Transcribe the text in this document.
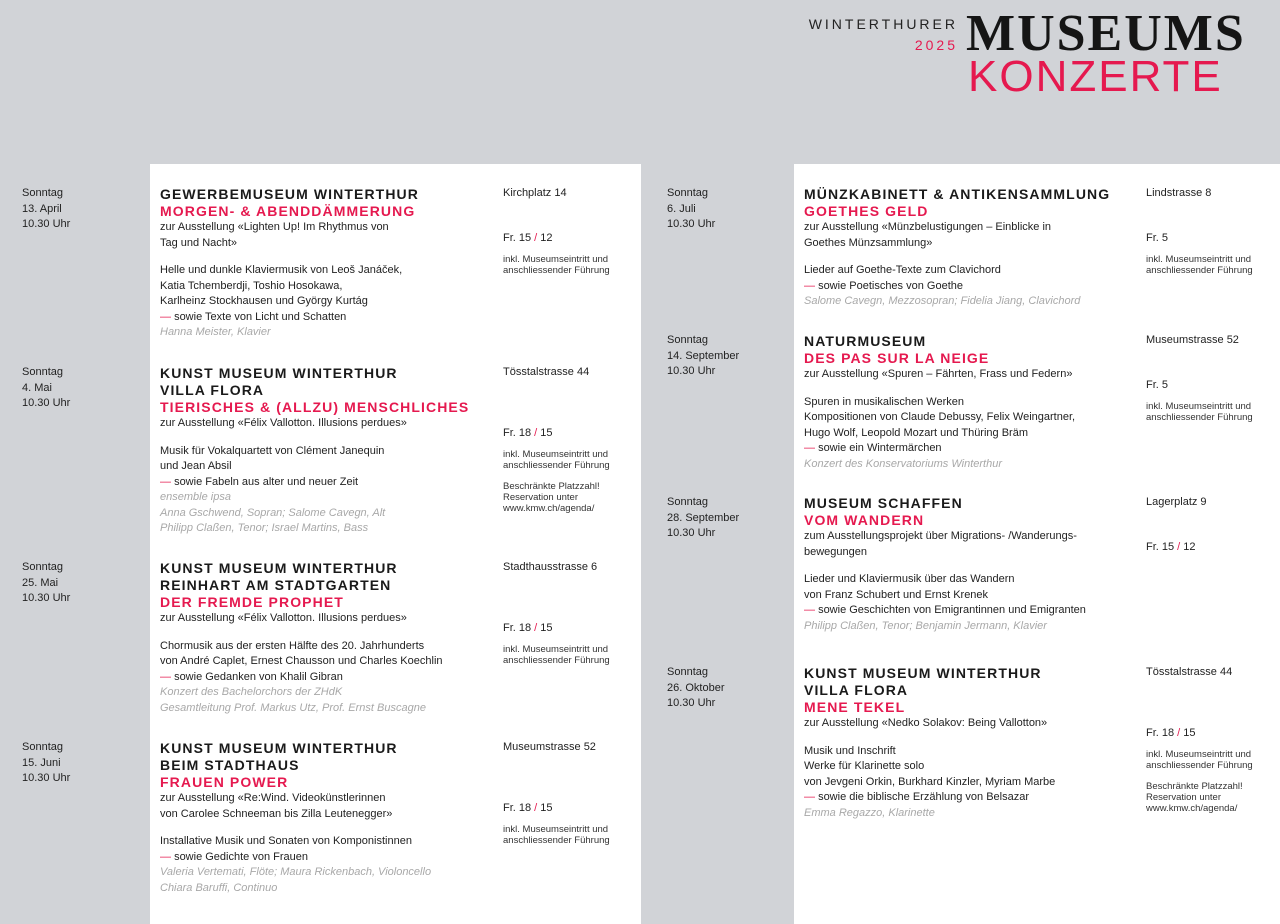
WINTERTHURER
2025 MUSEUMS
KONZERTE
Sonntag
13. April
10.30 Uhr
GEWERBEMUSEUM WINTERTHUR
MORGEN- & ABENDDÄMMERUNG
zur Ausstellung «Lighten Up! Im Rhythmus von
Tag und Nacht»
Helle und dunkle Klaviermusik von Leoš Janáček,
Katia Tchemberdji, Toshio Hosokawa,
Karlheinz Stockhausen und György Kurtág
— sowie Texte von Licht und Schatten
Hanna Meister, Klavier
Kirchplatz 14
Fr. 15 / 12
inkl. Museumseintritt und
anschliessender Führung
Sonntag
4. Mai
10.30 Uhr
KUNST MUSEUM WINTERTHUR
VILLA FLORA
TIERISCHES & (ALLZU) MENSCHLICHES
zur Ausstellung «Félix Vallotton. Illusions perdues»
Musik für Vokalquartett von Clément Janequin
und Jean Absil
— sowie Fabeln aus alter und neuer Zeit
ensemble ipsa
Anna Gschwend, Sopran; Salome Cavegn, Alt
Philipp Claßen, Tenor; Israel Martins, Bass
Tösstalstrasse 44
Fr. 18 / 15
inkl. Museumseintritt und
anschliessender Führung
Beschränkte Platzzahl!
Reservation unter
www.kmw.ch/agenda/
Sonntag
25. Mai
10.30 Uhr
KUNST MUSEUM WINTERTHUR
REINHART AM STADTGARTEN
DER FREMDE PROPHET
zur Ausstellung «Félix Vallotton. Illusions perdues»
Chormusik aus der ersten Hälfte des 20. Jahrhunderts
von André Caplet, Ernest Chausson und Charles Koechlin
— sowie Gedanken von Khalil Gibran
Konzert des Bachelorchors der ZHdK
Gesamtleitung Prof. Markus Utz, Prof. Ernst Buscagne
Stadthausstrasse 6
Fr. 18 / 15
inkl. Museumseintritt und
anschliessender Führung
Sonntag
15. Juni
10.30 Uhr
KUNST MUSEUM WINTERTHUR
BEIM STADTHAUS
FRAUEN POWER
zur Ausstellung «Re:Wind. Videokünstlerinnen
von Carolee Schneeman bis Zilla Leutenegger»
Installative Musik und Sonaten von Komponistinnen
— sowie Gedichte von Frauen
Valeria Vertemati, Flöte; Maura Rickenbach, Violoncello
Chiara Baruffi, Continuo
Museumstrasse 52
Fr. 18 / 15
inkl. Museumseintritt und
anschliessender Führung
Sonntag
6. Juli
10.30 Uhr
MÜNZKABINETT & ANTIKENSAMMLUNG
GOETHES GELD
zur Ausstellung «Münzbelustigungen – Einblicke in
Goethes Münzsammlung»
Lieder auf Goethe-Texte zum Clavichord
— sowie Poetisches von Goethe
Salome Cavegn, Mezzosopran; Fidelia Jiang, Clavichord
Lindstrasse 8
Fr. 5
inkl. Museumseintritt und
anschliessender Führung
Sonntag
14. September
10.30 Uhr
NATURMUSEUM
DES PAS SUR LA NEIGE
zur Ausstellung «Spuren – Fährten, Frass und Federn»
Spuren in musikalischen Werken
Kompositionen von Claude Debussy, Felix Weingartner,
Hugo Wolf, Leopold Mozart und Thüring Bräm
— sowie ein Wintermärchen
Konzert des Konservatoriums Winterthur
Museumstrasse 52
Fr. 5
inkl. Museumseintritt und
anschliessender Führung
Sonntag
28. September
10.30 Uhr
MUSEUM SCHAFFEN
VOM WANDERN
zum Ausstellungsprojekt über Migrations- /Wanderungs-
bewegungen
Lieder und Klaviermusik über das Wandern
von Franz Schubert und Ernst Krenek
— sowie Geschichten von Emigrantinnen und Emigranten
Philipp Claßen, Tenor; Benjamin Jermann, Klavier
Lagerplatz 9
Fr. 15 / 12
Sonntag
26. Oktober
10.30 Uhr
KUNST MUSEUM WINTERTHUR
VILLA FLORA
MENE TEKEL
zur Ausstellung «Nedko Solakov: Being Vallotton»
Musik und Inschrift
Werke für Klarinette solo
von Jevgeni Orkin, Burkhard Kinzler, Myriam Marbe
— sowie die biblische Erzählung von Belsazar
Emma Regazzo, Klarinette
Tösstalstrasse 44
Fr. 18 / 15
inkl. Museumseintritt und
anschliessender Führung
Beschränkte Platzzahl!
Reservation unter
www.kmw.ch/agenda/
